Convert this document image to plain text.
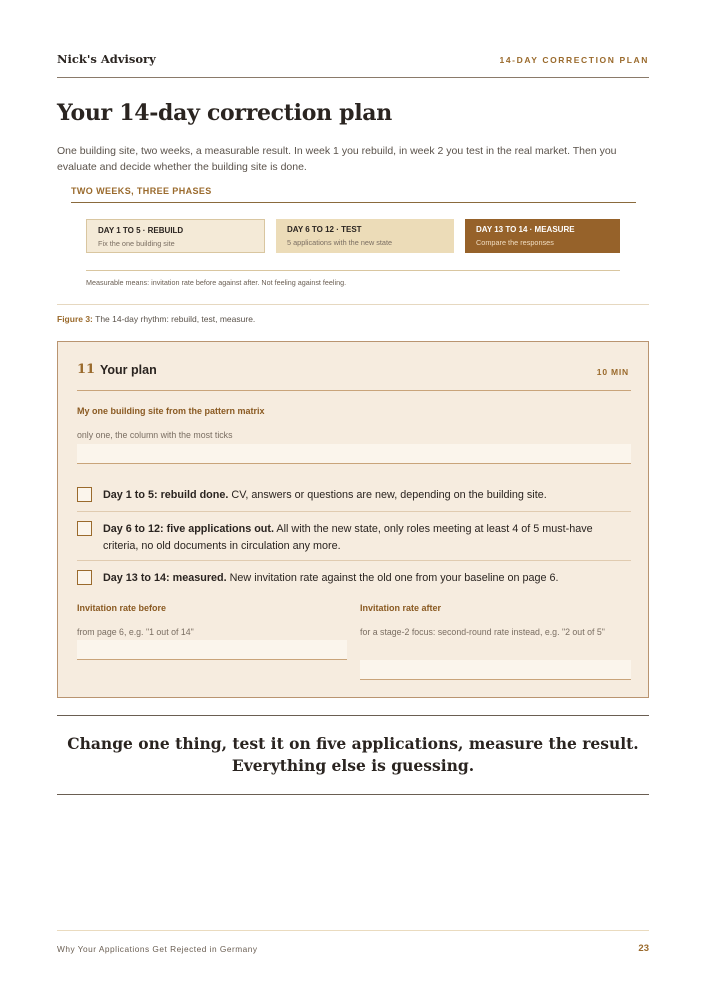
Nick's Advisory	14-DAY CORRECTION PLAN
Your 14-day correction plan

One building site, two weeks, a measurable result. In week 1 you rebuild, in week 2 you test in the real market. Then you evaluate and decide whether the building site is done.

TWO WEEKS, THREE PHASES
DAY 1 TO 5 · REBUILD
Fix the one building site
DAY 6 TO 12 · TEST
5 applications with the new state
DAY 13 TO 14 · MEASURE
Compare the responses
Measurable means: invitation rate before against after. Not feeling against feeling.
Figure 3: The 14-day rhythm: rebuild, test, measure.
11 Your plan	10 MIN
My one building site from the pattern matrix
only one, the column with the most ticks
Day 1 to 5: rebuild done. CV, answers or questions are new, depending on the building site.
Day 6 to 12: five applications out. All with the new state, only roles meeting at least 4 of 5 must-have criteria, no old documents in circulation any more.
Day 13 to 14: measured. New invitation rate against the old one from your baseline on page 6.
Invitation rate before
from page 6, e.g. "1 out of 14"
Invitation rate after
for a stage-2 focus: second-round rate instead, e.g. "2 out of 5"
Change one thing, test it on five applications, measure the result.
Everything else is guessing.
Why Your Applications Get Rejected in Germany	23
